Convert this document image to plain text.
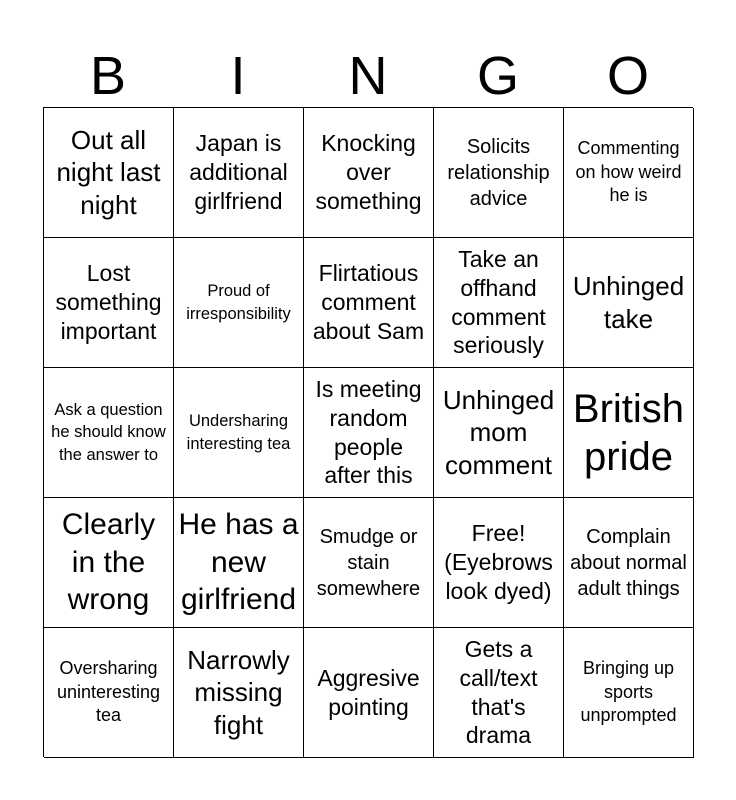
B	I	N	G	O
Out all night last night
Japan is additional girlfriend
Knocking over something
Solicits relationship advice
Commenting on how weird he is
Lost something important
Proud of irresponsibility
Flirtatious comment about Sam
Take an offhand comment seriously
Unhinged take
Ask a question he should know the answer to
Undersharing interesting tea
Is meeting random people after this
Unhinged mom comment
British pride
Clearly in the wrong
He has a new girlfriend
Smudge or stain somewhere
Free! (Eyebrows look dyed)
Complain about normal adult things
Oversharing uninteresting tea
Narrowly missing fight
Aggresive pointing
Gets a call/text that's drama
Bringing up sports unprompted
